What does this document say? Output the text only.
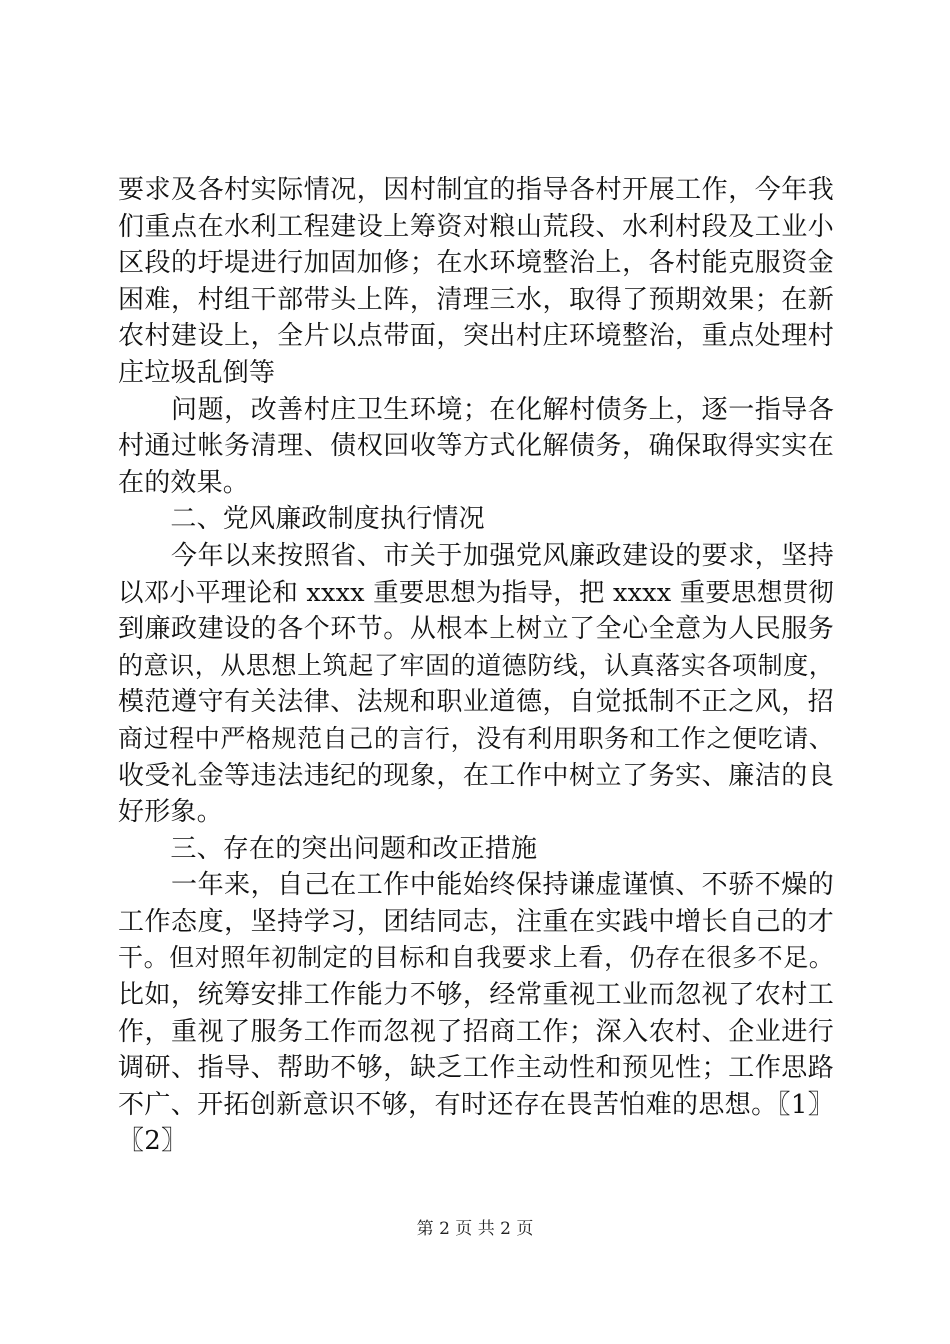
要求及各村实际情况，因村制宜的指导各村开展工作，今年我
们重点在水利工程建设上筹资对粮山荒段、水利村段及工业小
区段的圩堤进行加固加修；在水环境整治上，各村能克服资金
困难，村组干部带头上阵，清理三水，取得了预期效果；在新
农村建设上，全片以点带面，突出村庄环境整治，重点处理村
庄垃圾乱倒等
　　问题，改善村庄卫生环境；在化解村债务上，逐一指导各
村通过帐务清理、债权回收等方式化解债务，确保取得实实在
在的效果。
　　二、党风廉政制度执行情况
　　今年以来按照省、市关于加强党风廉政建设的要求，坚持
以邓小平理论和 xxxx 重要思想为指导，把 xxxx 重要思想贯彻
到廉政建设的各个环节。从根本上树立了全心全意为人民服务
的意识，从思想上筑起了牢固的道德防线，认真落实各项制度，
模范遵守有关法律、法规和职业道德，自觉抵制不正之风，招
商过程中严格规范自己的言行，没有利用职务和工作之便吃请、
收受礼金等违法违纪的现象，在工作中树立了务实、廉洁的良
好形象。
　　三、存在的突出问题和改正措施
　　一年来，自己在工作中能始终保持谦虚谨慎、不骄不燥的
工作态度，坚持学习，团结同志，注重在实践中增长自己的才
干。但对照年初制定的目标和自我要求上看，仍存在很多不足。
比如，统筹安排工作能力不够，经常重视工业而忽视了农村工
作，重视了服务工作而忽视了招商工作；深入农村、企业进行
调研、指导、帮助不够，缺乏工作主动性和预见性；工作思路
不广、开拓创新意识不够，有时还存在畏苦怕难的思想。〖1〗
〖2〗
第 2 页 共 2 页
